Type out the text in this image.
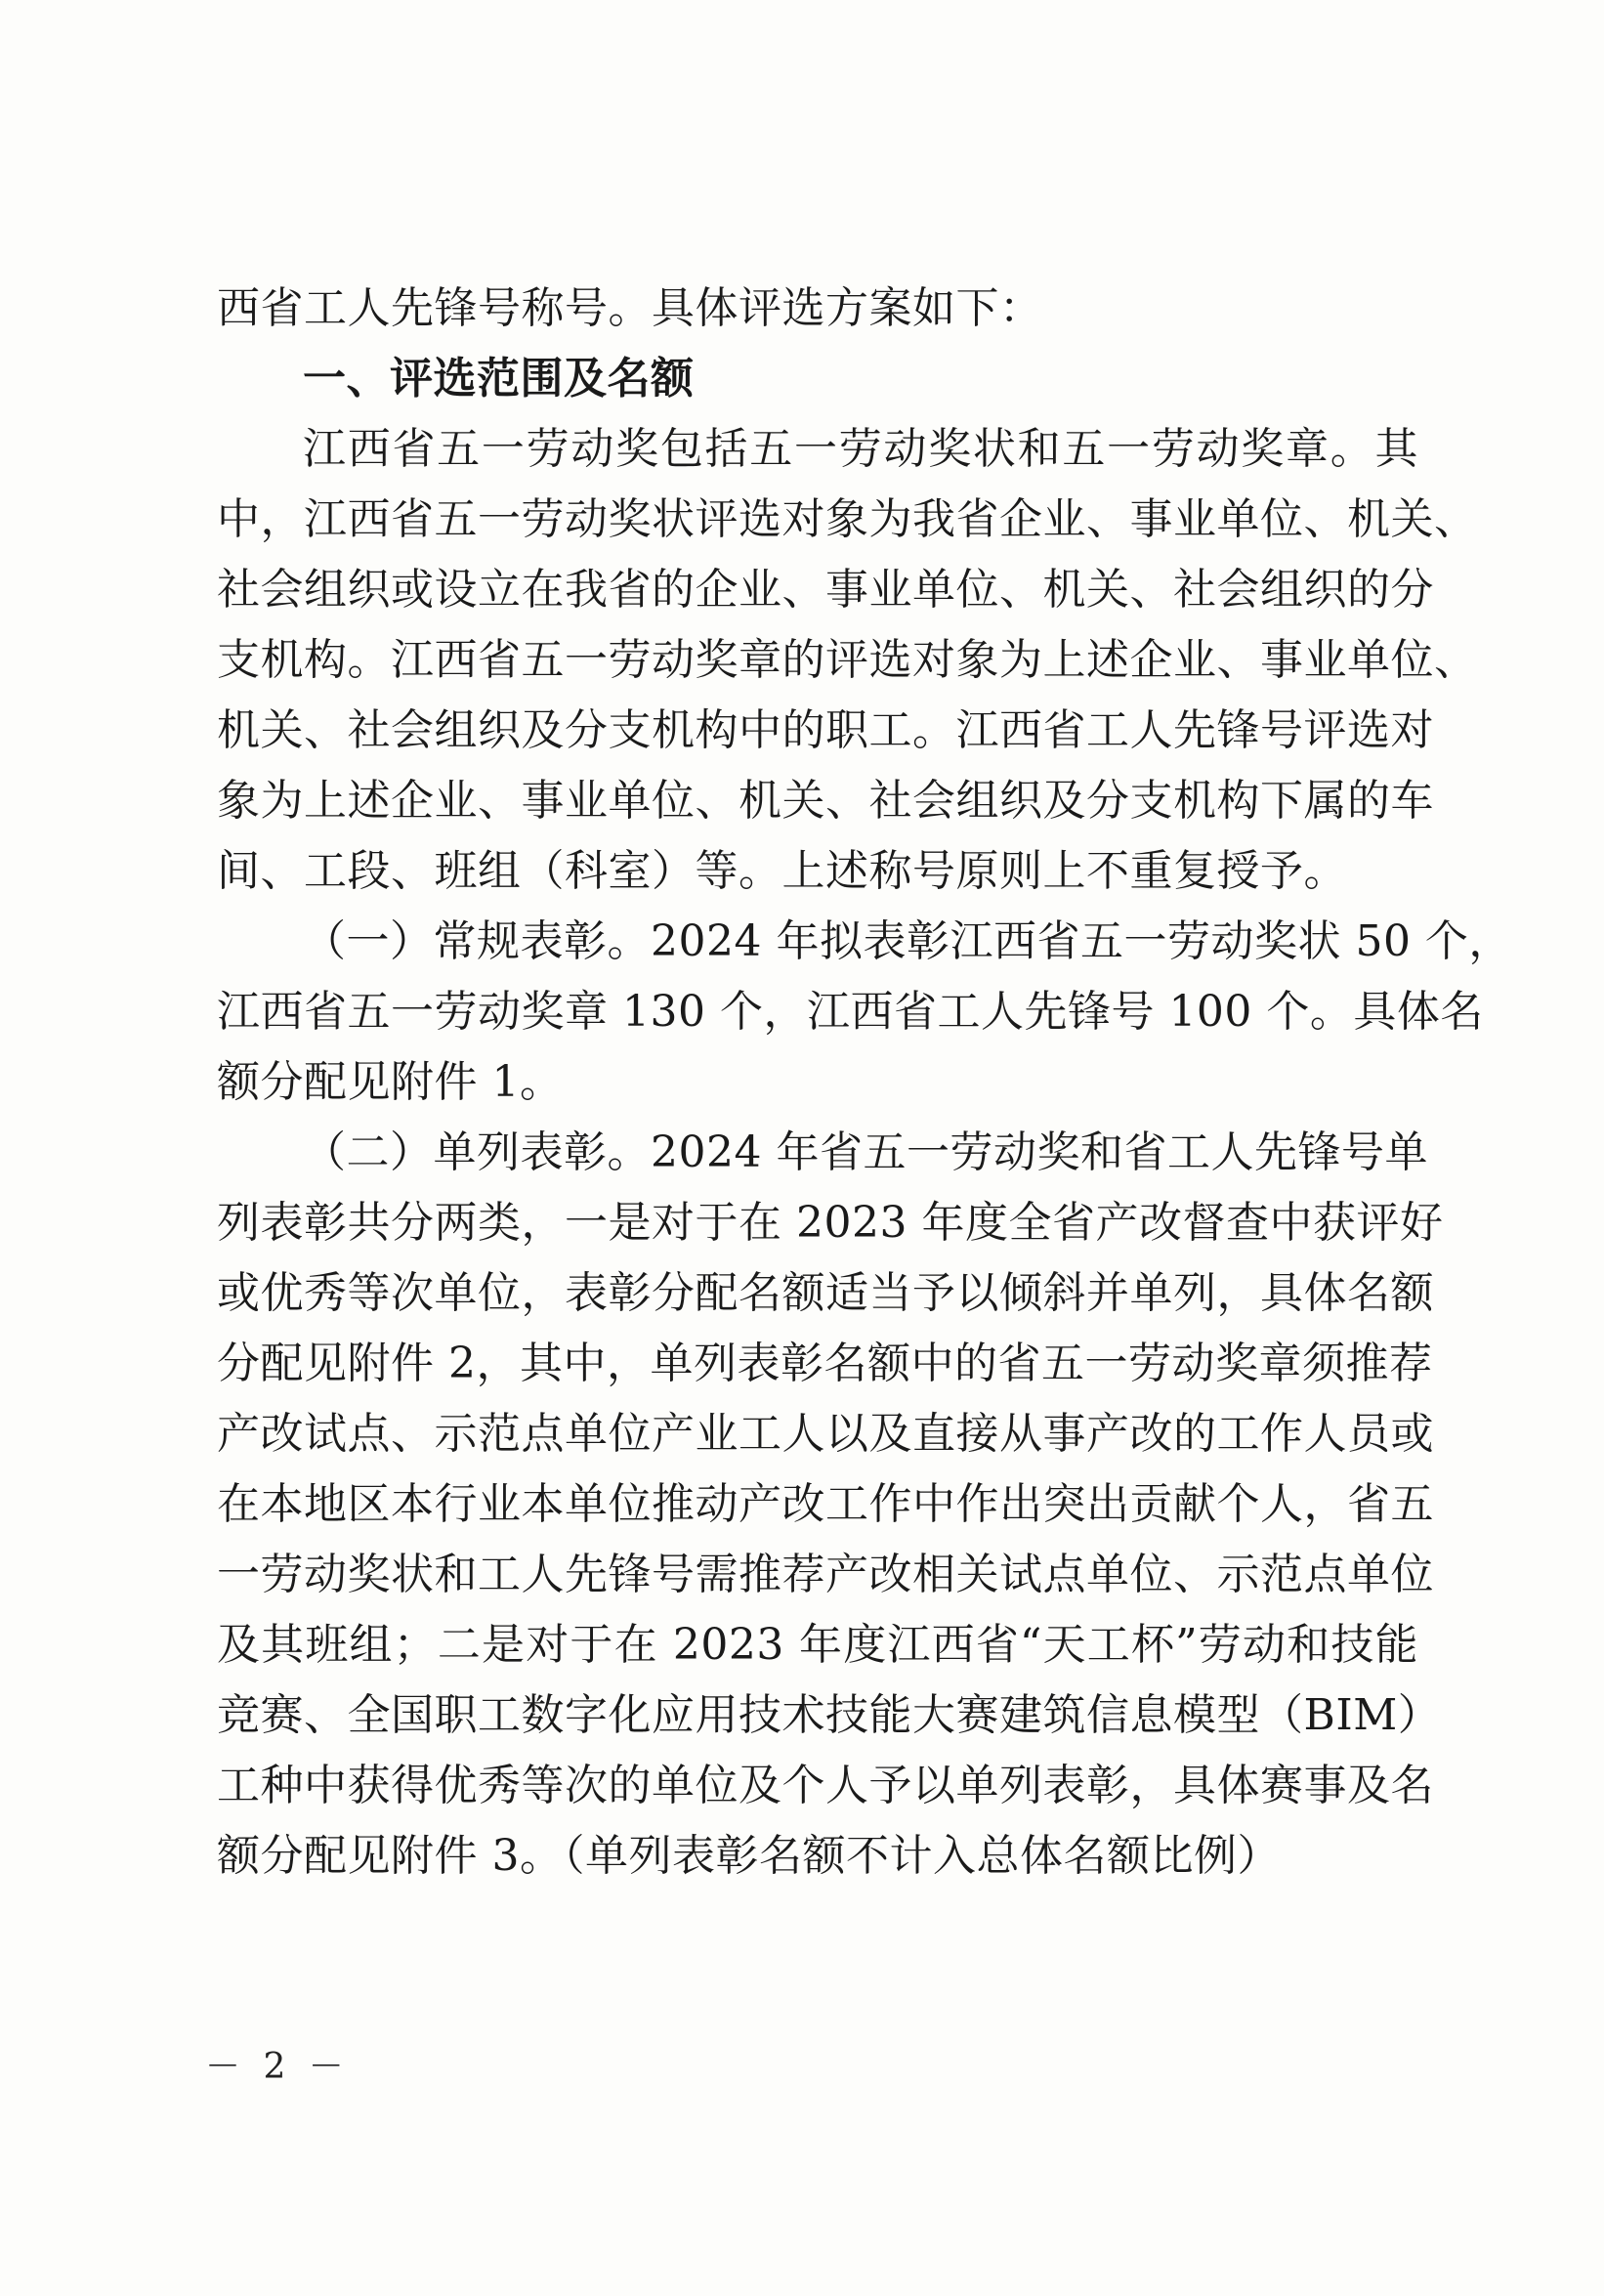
西省工人先锋号称号。具体评选方案如下：
一、评选范围及名额
江西省五一劳动奖包括五一劳动奖状和五一劳动奖章。其
中，江西省五一劳动奖状评选对象为我省企业、事业单位、机关、
社会组织或设立在我省的企业、事业单位、机关、社会组织的分
支机构。江西省五一劳动奖章的评选对象为上述企业、事业单位、
机关、社会组织及分支机构中的职工。江西省工人先锋号评选对
象为上述企业、事业单位、机关、社会组织及分支机构下属的车
间、工段、班组（科室）等。上述称号原则上不重复授予。
（一）常规表彰。2024 年拟表彰江西省五一劳动奖状 50 个，
江西省五一劳动奖章 130 个，江西省工人先锋号 100 个。具体名
额分配见附件 1。
（二）单列表彰。2024 年省五一劳动奖和省工人先锋号单
列表彰共分两类，一是对于在 2023 年度全省产改督查中获评好
或优秀等次单位，表彰分配名额适当予以倾斜并单列，具体名额
分配见附件 2，其中，单列表彰名额中的省五一劳动奖章须推荐
产改试点、示范点单位产业工人以及直接从事产改的工作人员或
在本地区本行业本单位推动产改工作中作出突出贡献个人，省五
一劳动奖状和工人先锋号需推荐产改相关试点单位、示范点单位
及其班组；二是对于在 2023 年度江西省“天工杯”劳动和技能
竞赛、全国职工数字化应用技术技能大赛建筑信息模型（BIM）
工种中获得优秀等次的单位及个人予以单列表彰，具体赛事及名
额分配见附件 3。（单列表彰名额不计入总体名额比例）
－ 2 －
